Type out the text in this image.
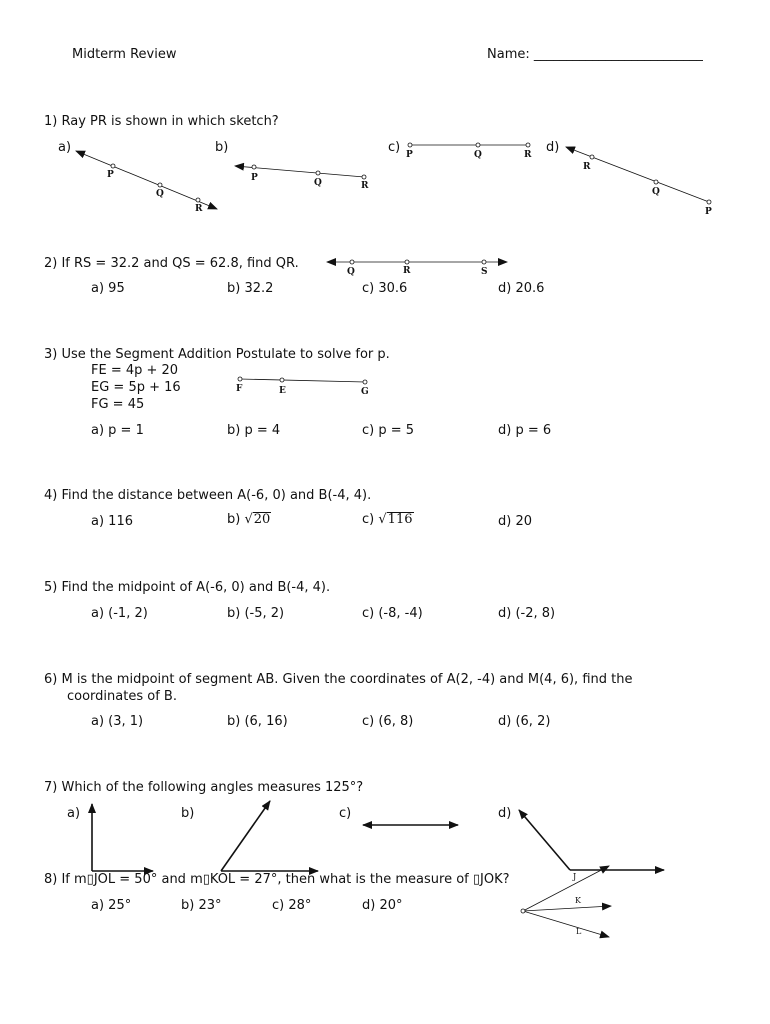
Midterm Review	Name: __________________________
1) Ray PR is shown in which sketch?
a)	b)	c)	d)
P
Q
R
P	Q	R
P	Q	R
R
Q
P
2) If RS = 32.2 and QS = 62.8, find QR.
Q	R	S
a) 95	b) 32.2	c) 30.6	d) 20.6
3) Use the Segment Addition Postulate to solve for p.
FE = 4p + 20
EG = 5p + 16
FG = 45
F	E	G
a) p = 1	b) p = 4	c) p = 5	d) p = 6
4) Find the distance between A(-6, 0) and B(-4, 4).
a) 116	b) √20	c) √116	d) 20
5) Find the midpoint of A(-6, 0) and B(-4, 4).
a) (-1, 2)	b) (-5, 2)	c) (-8, -4)	d) (-2, 8)
6) M is the midpoint of segment AB. Given the coordinates of A(2, -4) and M(4, 6), find the
coordinates of B.
a) (3, 1)	b) (6, 16)	c) (6, 8)	d) (6, 2)
7) Which of the following angles measures 125°?
a)	b)	c)	d)
8) If m▯JOL = 50° and m▯KOL = 27°, then what is the measure of ▯JOK?
a) 25°	b) 23°	c) 28°	d) 20°
J
K
L
